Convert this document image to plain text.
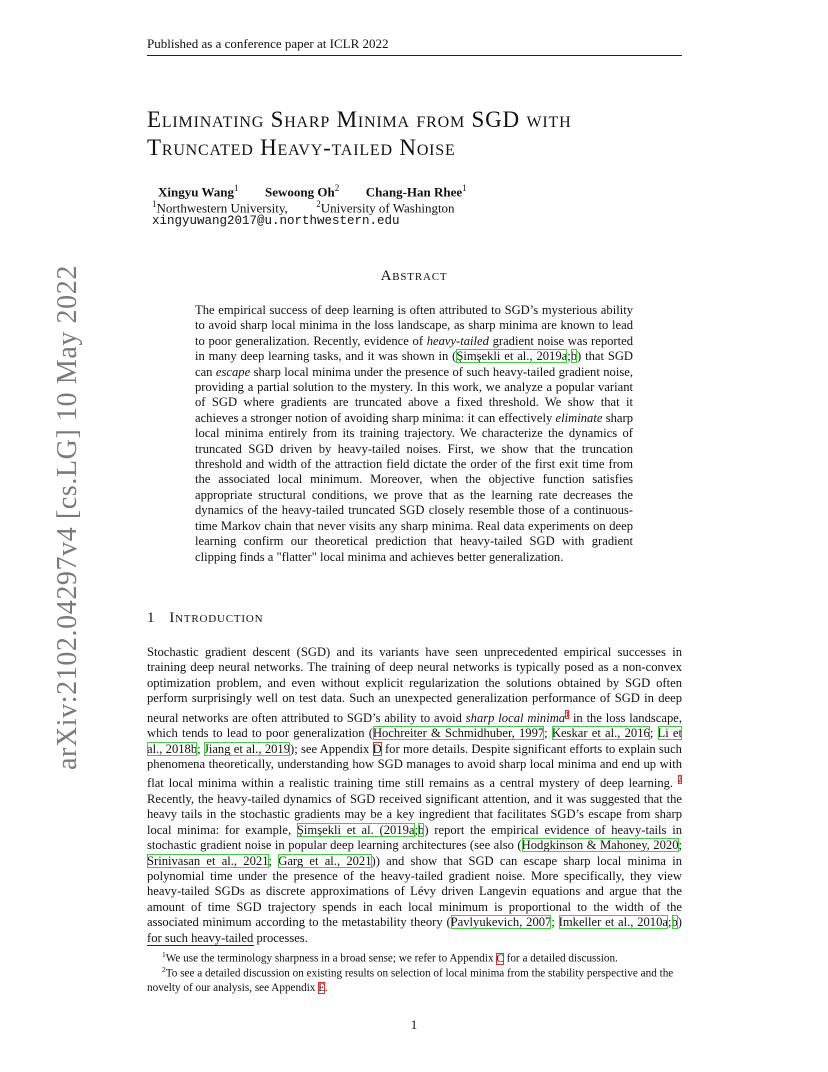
Published as a conference paper at ICLR 2022
arXiv:2102.04297v4 [cs.LG] 10 May 2022
Eliminating Sharp Minima from SGD with
Truncated Heavy-tailed Noise
Xingyu Wang$^1$ Sewoong Oh$^2$ Chang-Han Rhee$^1$
$^1$Northwestern University,	$^2$University of Washington
xingyuwang2017@u.northwestern.edu
Abstract
The empirical success of deep learning is often attributed to SGD’s mysterious ability to avoid sharp local minima in the loss landscape, as sharp minima are known to lead to poor generalization. Recently, evidence of heavy-tailed gradient noise was reported in many deep learning tasks, and it was shown in (Şimşekli et al., 2019a;b) that SGD can escape sharp local minima under the presence of such heavy-tailed gradient noise, providing a partial solution to the mystery. In this work, we analyze a popular variant of SGD where gradients are truncated above a fixed threshold. We show that it achieves a stronger notion of avoiding sharp minima: it can effectively eliminate sharp local minima entirely from its training trajectory. We characterize the dynamics of truncated SGD driven by heavy-tailed noises. First, we show that the truncation threshold and width of the attraction field dictate the order of the first exit time from the associated local minimum. Moreover, when the objective function satisfies appropriate structural conditions, we prove that as the learning rate decreases the dynamics of the heavy-tailed truncated SGD closely resemble those of a continuous-time Markov chain that never visits any sharp minima. Real data experiments on deep learning confirm our theoretical prediction that heavy-tailed SGD with gradient clipping finds a "flatter" local minima and achieves better generalization.
1 Introduction
Stochastic gradient descent (SGD) and its variants have seen unprecedented empirical successes in training deep neural networks. The training of deep neural networks is typically posed as a non-convex optimization problem, and even without explicit regularization the solutions obtained by SGD often perform surprisingly well on test data. Such an unexpected generalization performance of SGD in deep neural networks are often attributed to SGD’s ability to avoid sharp local minima$^1$ in the loss landscape, which tends to lead to poor generalization (Hochreiter & Schmidhuber, 1997; Keskar et al., 2016; Li et al., 2018b; Jiang et al., 2019); see Appendix D for more details. Despite significant efforts to explain such phenomena theoretically, understanding how SGD manages to avoid sharp local minima and end up with flat local minima within a realistic training time still remains as a central mystery of deep learning. $^2$ Recently, the heavy-tailed dynamics of SGD received significant attention, and it was suggested that the heavy tails in the stochastic gradients may be a key ingredient that facilitates SGD’s escape from sharp local minima: for example, Şimşekli et al. (2019a;b) report the empirical evidence of heavy-tails in stochastic gradient noise in popular deep learning architectures (see also (Hodgkinson & Mahoney, 2020; Srinivasan et al., 2021; Garg et al., 2021)) and show that SGD can escape sharp local minima in polynomial time under the presence of the heavy-tailed gradient noise. More specifically, they view heavy-tailed SGDs as discrete approximations of Lévy driven Langevin equations and argue that the amount of time SGD trajectory spends in each local minimum is proportional to the width of the associated minimum according to the metastability theory (Pavlyukevich, 2007; Imkeller et al., 2010a;b) for such heavy-tailed processes.
$^1$We use the terminology sharpness in a broad sense; we refer to Appendix C for a detailed discussion.
$^2$To see a detailed discussion on existing results on selection of local minima from the stability perspective and the novelty of our analysis, see Appendix E.
1
